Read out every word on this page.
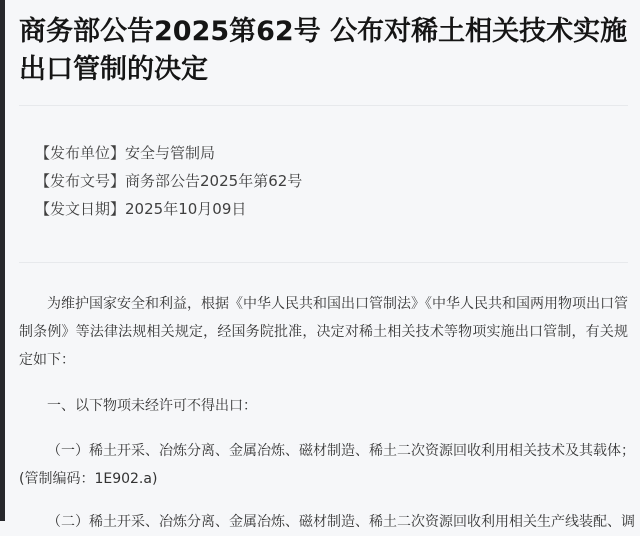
商务部公告2025第62号 公布对稀土相关技术实施出口管制的决定
【发布单位】安全与管制局
【发布文号】商务部公告2025年第62号
【发文日期】2025年10月09日

为维护国家安全和利益，根据《中华人民共和国出口管制法》《中华人民共和国两用物项出口管制条例》等法律法规相关规定，经国务院批准，决定对稀土相关技术等物项实施出口管制，有关规定如下：

一、以下物项未经许可不得出口：

（一）稀土开采、冶炼分离、金属冶炼、磁材制造、稀土二次资源回收利用相关技术及其载体；
(管制编码：1E902.a)

（二）稀土开采、冶炼分离、金属冶炼、磁材制造、稀土二次资源回收利用相关生产线装配、调
